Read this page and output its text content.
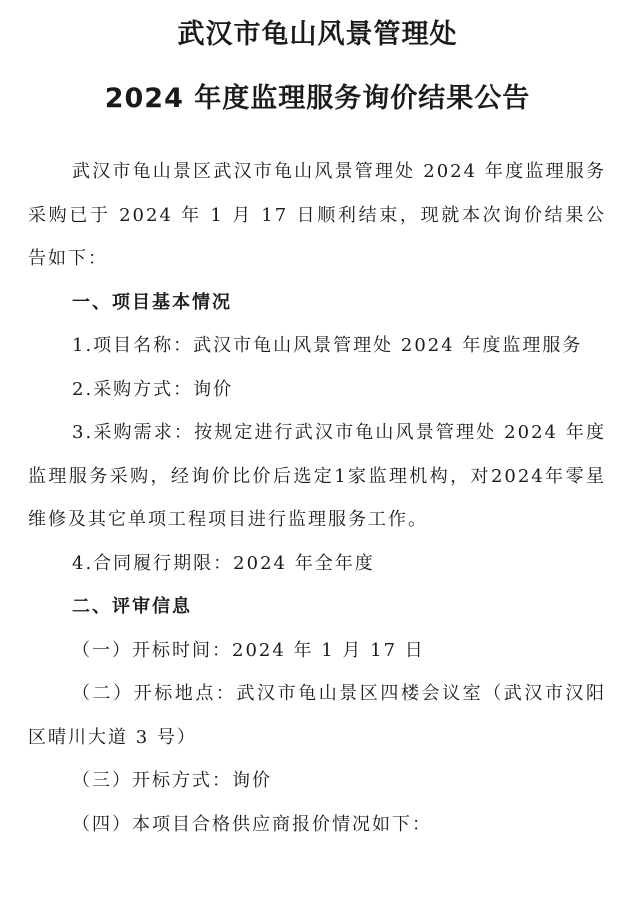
武汉市龟山风景管理处
2024 年度监理服务询价结果公告

武汉市龟山景区武汉市龟山风景管理处 2024 年度监理服务采购已于 2024 年 1 月 17 日顺利结束，现就本次询价结果公告如下：

一、项目基本情况

1.项目名称：武汉市龟山风景管理处 2024 年度监理服务

2.采购方式：询价

3.采购需求：按规定进行武汉市龟山风景管理处 2024 年度监理服务采购，经询价比价后选定1家监理机构，对2024年零星维修及其它单项工程项目进行监理服务工作。

4.合同履行期限：2024 年全年度

二、评审信息

（一）开标时间：2024 年 1 月 17 日

（二）开标地点：武汉市龟山景区四楼会议室（武汉市汉阳区晴川大道 3 号）

（三）开标方式：询价

（四）本项目合格供应商报价情况如下：
